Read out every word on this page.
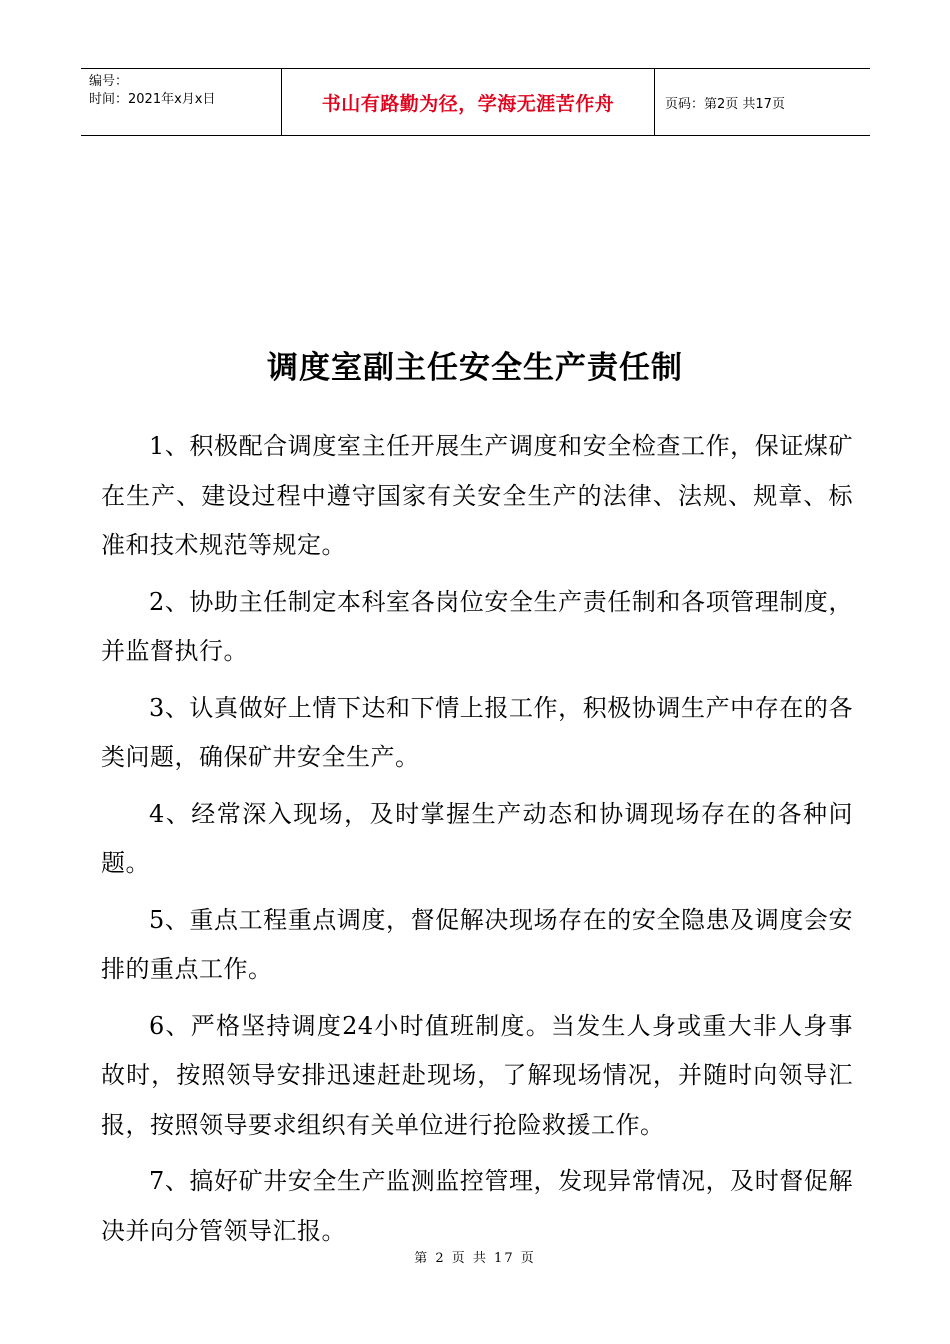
编号：
时间：2021年x月x日	书山有路勤为径，学海无涯苦作舟	页码：第2页 共17页
调度室副主任安全生产责任制

1、积极配合调度室主任开展生产调度和安全检查工作，保证煤矿在生产、建设过程中遵守国家有关安全生产的法律、法规、规章、标准和技术规范等规定。

2、协助主任制定本科室各岗位安全生产责任制和各项管理制度，并监督执行。

3、认真做好上情下达和下情上报工作，积极协调生产中存在的各类问题，确保矿井安全生产。

4、经常深入现场，及时掌握生产动态和协调现场存在的各种问题。

5、重点工程重点调度，督促解决现场存在的安全隐患及调度会安排的重点工作。

6、严格坚持调度24小时值班制度。当发生人身或重大非人身事故时，按照领导安排迅速赶赴现场，了解现场情况，并随时向领导汇报，按照领导要求组织有关单位进行抢险救援工作。

7、搞好矿井安全生产监测监控管理，发现异常情况，及时督促解决并向分管领导汇报。

第 2 页 共 17 页
